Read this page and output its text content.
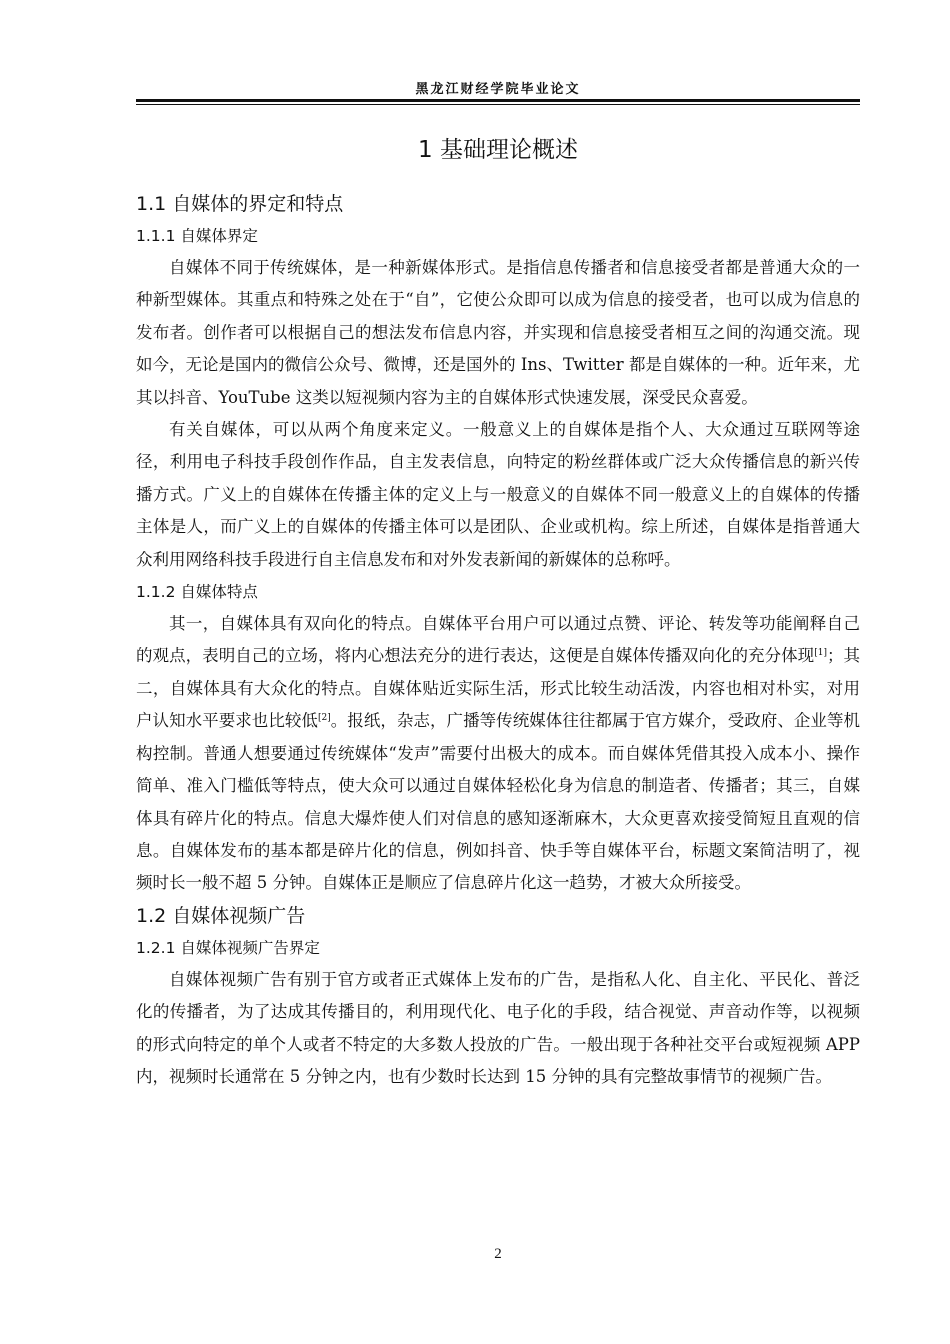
黑龙江财经学院毕业论文
1 基础理论概述
1.1 自媒体的界定和特点
1.1.1 自媒体界定

自媒体不同于传统媒体，是一种新媒体形式。是指信息传播者和信息接受者都是普通大众的一种新型媒体。其重点和特殊之处在于“自”，它使公众即可以成为信息的接受者，也可以成为信息的发布者。创作者可以根据自己的想法发布信息内容，并实现和信息接受者相互之间的沟通交流。现如今，无论是国内的微信公众号、微博，还是国外的 Ins、Twitter 都是自媒体的一种。近年来，尤其以抖音、YouTube 这类以短视频内容为主的自媒体形式快速发展，深受民众喜爱。

有关自媒体，可以从两个角度来定义。一般意义上的自媒体是指个人、大众通过互联网等途径，利用电子科技手段创作作品，自主发表信息，向特定的粉丝群体或广泛大众传播信息的新兴传播方式。广义上的自媒体在传播主体的定义上与一般意义的自媒体不同一般意义上的自媒体的传播主体是人，而广义上的自媒体的传播主体可以是团队、企业或机构。综上所述，自媒体是指普通大众利用网络科技手段进行自主信息发布和对外发表新闻的新媒体的总称呼。

1.1.2 自媒体特点

其一，自媒体具有双向化的特点。自媒体平台用户可以通过点赞、评论、转发等功能阐释自己的观点，表明自己的立场，将内心想法充分的进行表达，这便是自媒体传播双向化的充分体现[1]；其二，自媒体具有大众化的特点。自媒体贴近实际生活，形式比较生动活泼，内容也相对朴实，对用户认知水平要求也比较低[2]。报纸，杂志，广播等传统媒体往往都属于官方媒介，受政府、企业等机构控制。普通人想要通过传统媒体“发声”需要付出极大的成本。而自媒体凭借其投入成本小、操作简单、准入门槛低等特点，使大众可以通过自媒体轻松化身为信息的制造者、传播者；其三，自媒体具有碎片化的特点。信息大爆炸使人们对信息的感知逐渐麻木，大众更喜欢接受简短且直观的信息。自媒体发布的基本都是碎片化的信息，例如抖音、快手等自媒体平台，标题文案简洁明了，视频时长一般不超 5 分钟。自媒体正是顺应了信息碎片化这一趋势，才被大众所接受。

1.2 自媒体视频广告
1.2.1 自媒体视频广告界定

自媒体视频广告有别于官方或者正式媒体上发布的广告，是指私人化、自主化、平民化、普泛化的传播者，为了达成其传播目的，利用现代化、电子化的手段，结合视觉、声音动作等，以视频的形式向特定的单个人或者不特定的大多数人投放的广告。一般出现于各种社交平台或短视频 APP 内，视频时长通常在 5 分钟之内，也有少数时长达到 15 分钟的具有完整故事情节的视频广告。

2
